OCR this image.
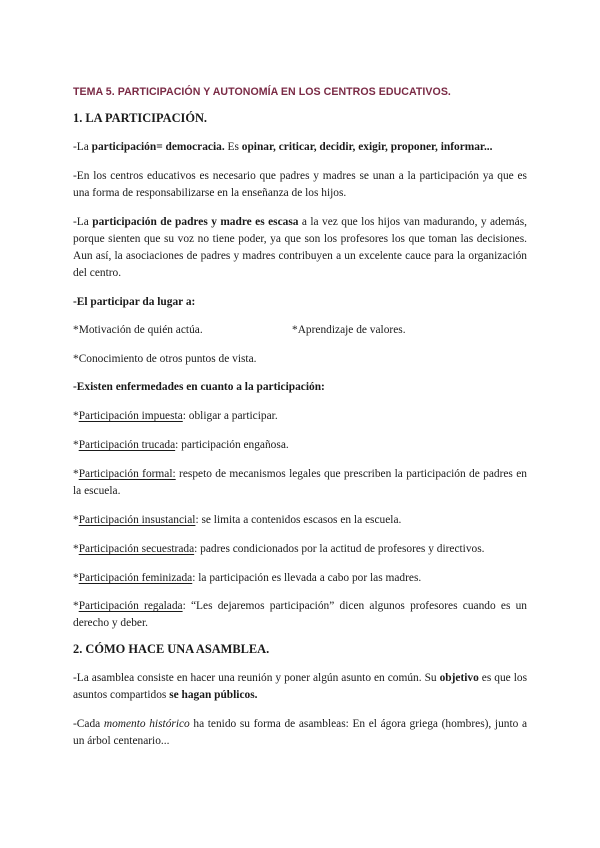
TEMA 5. PARTICIPACIÓN Y AUTONOMÍA EN LOS CENTROS EDUCATIVOS.
1. LA PARTICIPACIÓN.

-La participación= democracia. Es opinar, criticar, decidir, exigir, proponer, informar...

-En los centros educativos es necesario que padres y madres se unan a la participación ya que es una forma de responsabilizarse en la enseñanza de los hijos.

-La participación de padres y madre es escasa a la vez que los hijos van madurando, y además, porque sienten que su voz no tiene poder, ya que son los profesores los que toman las decisiones. Aun así, la asociaciones de padres y madres contribuyen a un excelente cauce para la organización del centro.

-El participar da lugar a:

*Motivación de quién actúa.	*Aprendizaje de valores.

*Conocimiento de otros puntos de vista.

-Existen enfermedades en cuanto a la participación:

*Participación impuesta: obligar a participar.

*Participación trucada: participación engañosa.

*Participación formal: respeto de mecanismos legales que prescriben la participación de padres en la escuela.

*Participación insustancial: se limita a contenidos escasos en la escuela.

*Participación secuestrada: padres condicionados por la actitud de profesores y directivos.

*Participación feminizada: la participación es llevada a cabo por las madres.

*Participación regalada: “Les dejaremos participación” dicen algunos profesores cuando es un derecho y deber.

2. CÓMO HACE UNA ASAMBLEA.

-La asamblea consiste en hacer una reunión y poner algún asunto en común. Su objetivo es que los asuntos compartidos se hagan públicos.

-Cada momento histórico ha tenido su forma de asambleas: En el ágora griega (hombres), junto a un árbol centenario...
